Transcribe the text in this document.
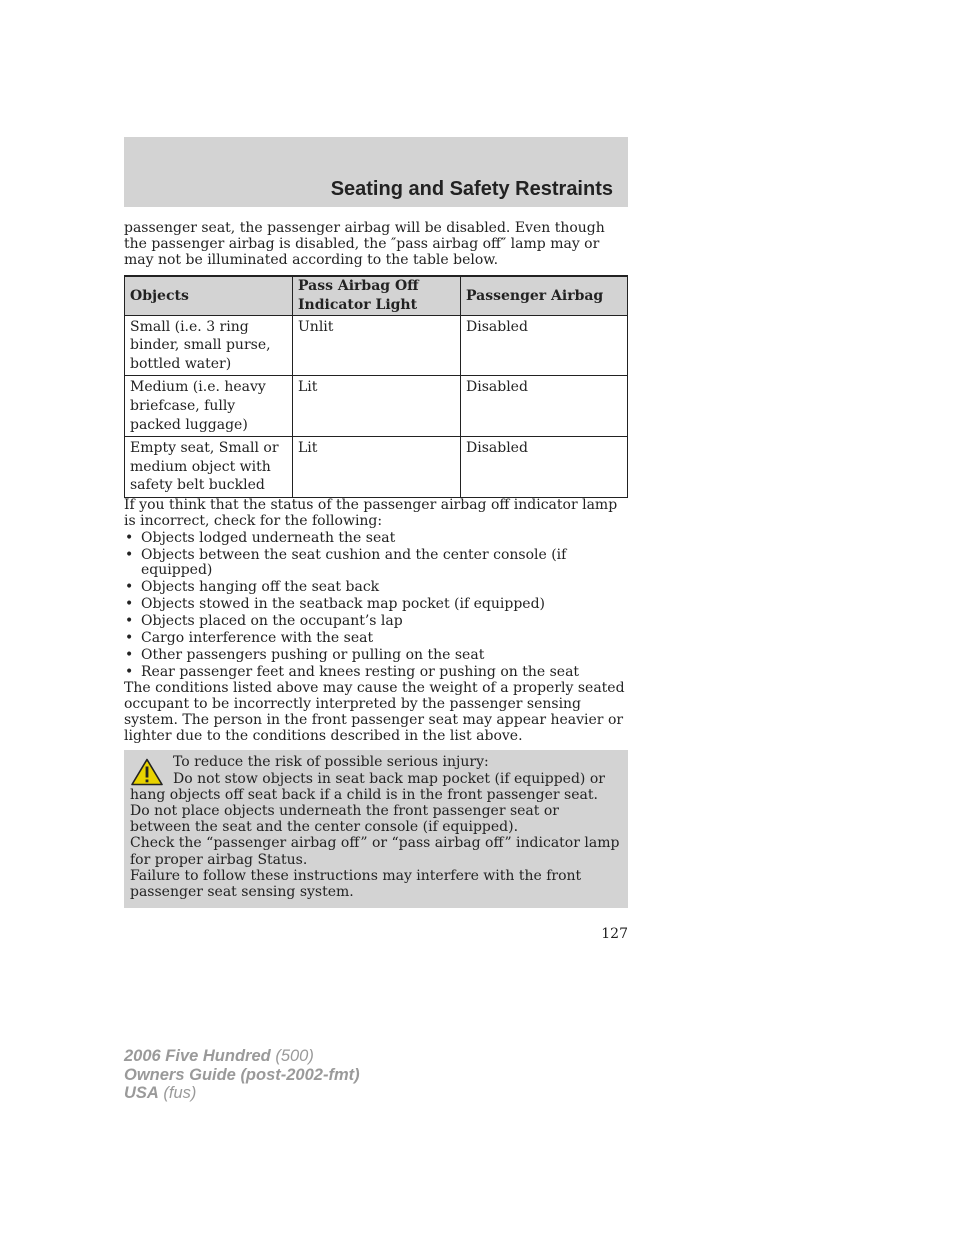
Seating and Safety Restraints

passenger seat, the passenger airbag will be disabled. Even though the passenger airbag is disabled, the ″pass airbag off″ lamp may or may not be illuminated according to the table below.

Objects	Pass Airbag Off Indicator Light	Passenger Airbag
Small (i.e. 3 ring binder, small purse, bottled water)	Unlit	Disabled
Medium (i.e. heavy briefcase, fully packed luggage)	Lit	Disabled
Empty seat, Small or medium object with safety belt buckled	Lit	Disabled

If you think that the status of the passenger airbag off indicator lamp is incorrect, check for the following:

• Objects lodged underneath the seat
• Objects between the seat cushion and the center console (if equipped)
• Objects hanging off the seat back
• Objects stowed in the seatback map pocket (if equipped)
• Objects placed on the occupant’s lap
• Cargo interference with the seat
• Other passengers pushing or pulling on the seat
• Rear passenger feet and knees resting or pushing on the seat

The conditions listed above may cause the weight of a properly seated occupant to be incorrectly interpreted by the passenger sensing system. The person in the front passenger seat may appear heavier or lighter due to the conditions described in the list above.

To reduce the risk of possible serious injury:

Do not stow objects in seat back map pocket (if equipped) or hang objects off seat back if a child is in the front passenger seat.

Do not place objects underneath the front passenger seat or between the seat and the center console (if equipped).

Check the “passenger airbag off” or “pass airbag off” indicator lamp for proper airbag Status.

Failure to follow these instructions may interfere with the front passenger seat sensing system.

127
2006 Five Hundred (500)
Owners Guide (post-2002-fmt)
USA (fus)
